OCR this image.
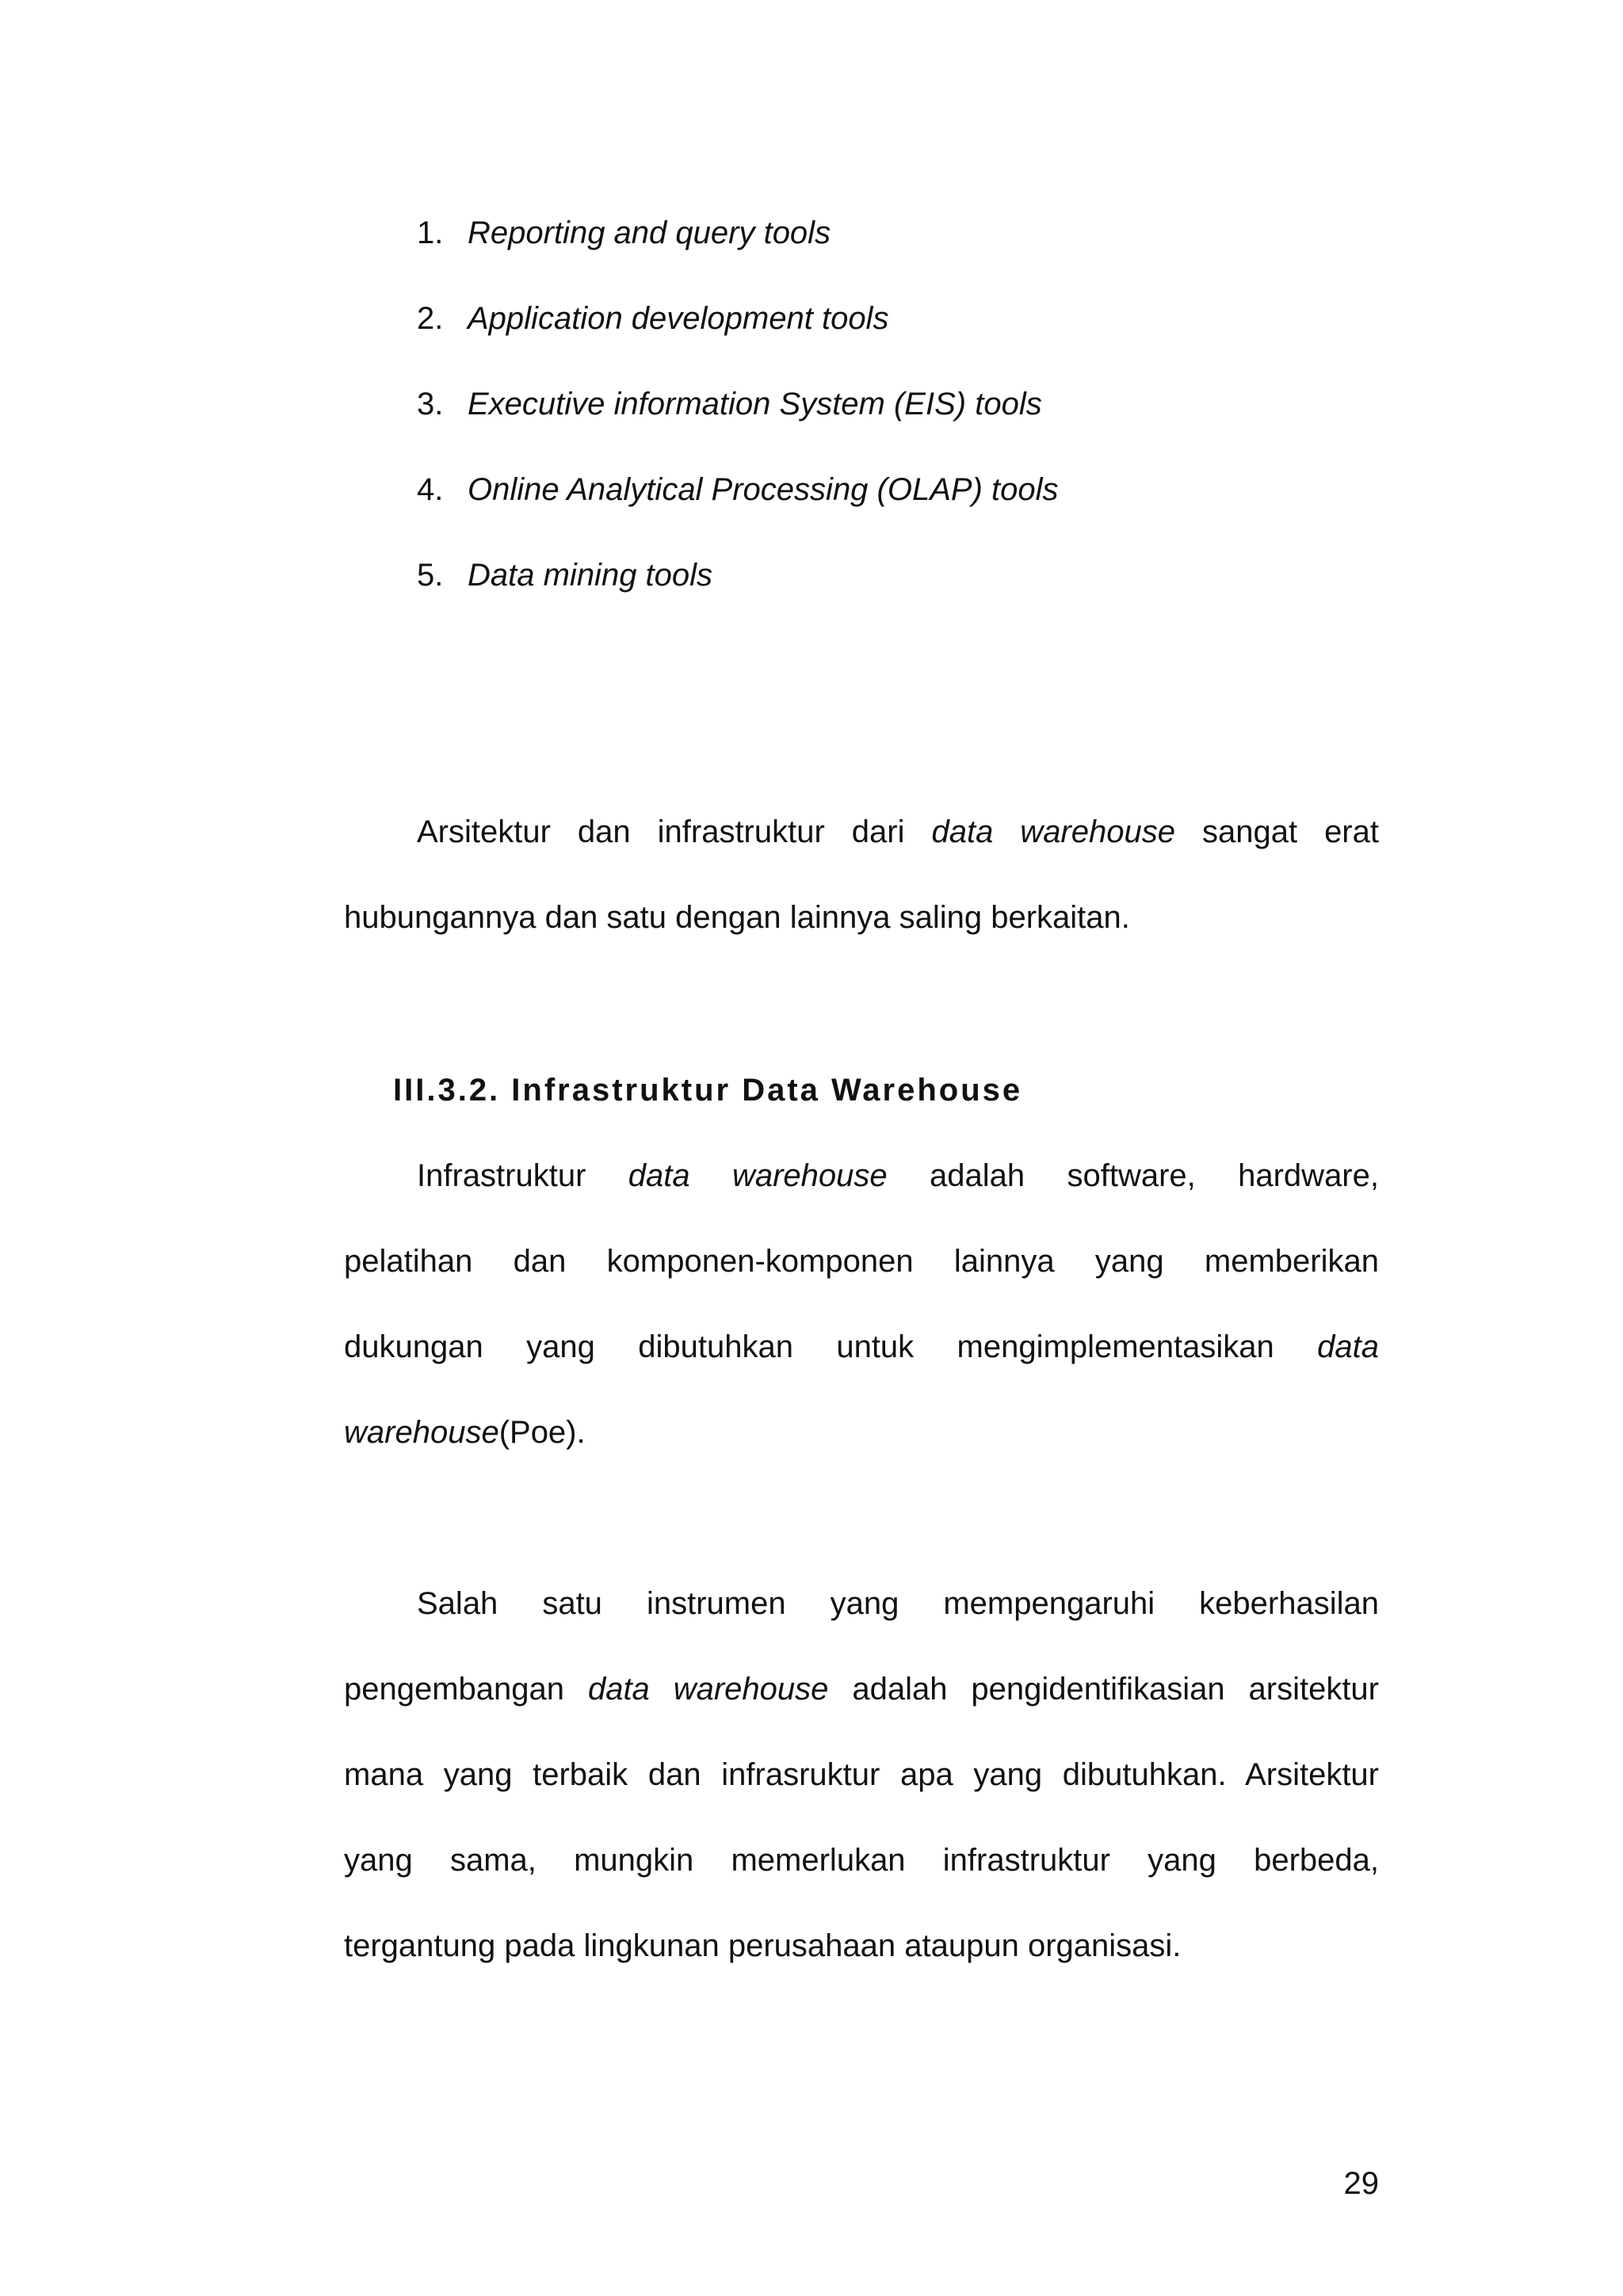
1. Reporting and query tools
2. Application development tools
3. Executive information System (EIS) tools
4. Online Analytical Processing (OLAP) tools
5. Data mining tools
Arsitektur dan infrastruktur dari data warehouse sangat erat
hubungannya dan satu dengan lainnya saling berkaitan.
III.3.2. Infrastruktur Data Warehouse
Infrastruktur data warehouse adalah software, hardware,
pelatihan dan komponen-komponen lainnya yang memberikan
dukungan yang dibutuhkan untuk mengimplementasikan data
warehouse(Poe).
Salah satu instrumen yang mempengaruhi keberhasilan
pengembangan data warehouse adalah pengidentifikasian arsitektur
mana yang terbaik dan infrasruktur apa yang dibutuhkan. Arsitektur
yang sama, mungkin memerlukan infrastruktur yang berbeda,
tergantung pada lingkunan perusahaan ataupun organisasi.
29
